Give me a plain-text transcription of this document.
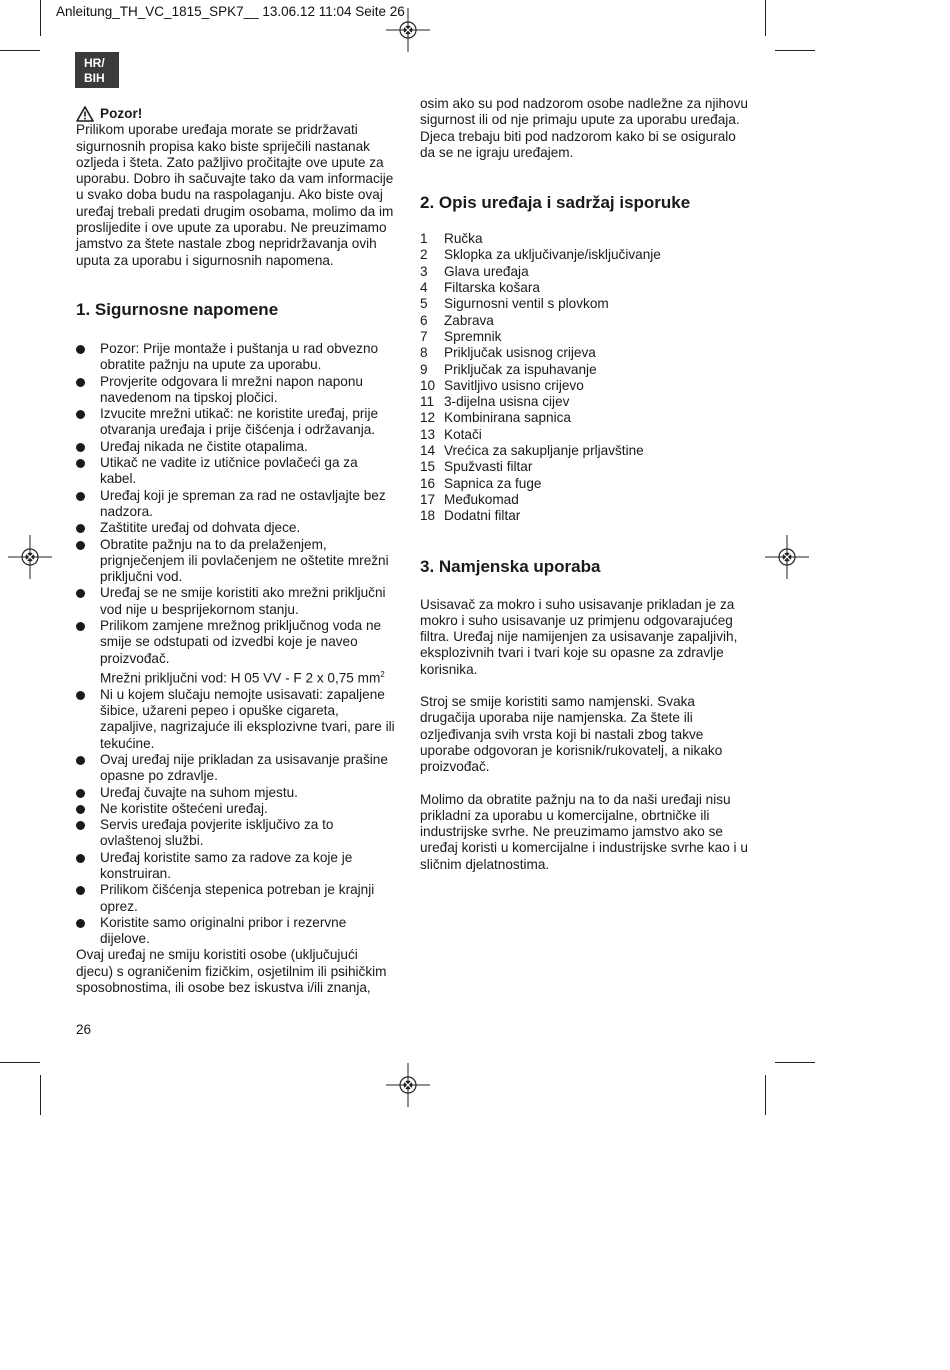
Anleitung_TH_VC_1815_SPK7__ 13.06.12 11:04 Seite 26
HR/
BIH
Pozor!

Prilikom uporabe uređaja morate se pridržavati sigurnosnih propisa kako biste spriječili nastanak ozljeda i šteta. Zato pažljivo pročitajte ove upute za uporabu. Dobro ih sačuvajte tako da vam informacije u svako doba budu na raspolaganju. Ako biste ovaj uređaj trebali predati drugim osobama, molimo da im proslijedite i ove upute za uporabu. Ne preuzimamo jamstvo za štete nastale zbog nepridržavanja ovih uputa za uporabu i sigurnosnih napomena.

1. Sigurnosne napomene
Pozor: Prije montaže i puštanja u rad obvezno obratite pažnju na upute za uporabu.
Provjerite odgovara li mrežni napon naponu navedenom na tipskoj pločici.
Izvucite mrežni utikač: ne koristite uređaj, prije otvaranja uređaja i prije čišćenja i održavanja.
Uređaj nikada ne čistite otapalima.
Utikač ne vadite iz utičnice povlačeći ga za kabel.
Uređaj koji je spreman za rad ne ostavljajte bez nadzora.
Zaštitite uređaj od dohvata djece.
Obratite pažnju na to da prelaženjem, prignječenjem ili povlačenjem ne oštetite mrežni priključni vod.
Uređaj se ne smije koristiti ako mrežni priključni vod nije u besprijekornom stanju.
Prilikom zamjene mrežnog priključnog voda ne smije se odstupati od izvedbi koje je naveo proizvođač.
Mrežni priključni vod: H 05 VV - F 2 x 0,75 $mm^2$
Ni u kojem slučaju nemojte usisavati: zapaljene šibice, užareni pepeo i opuške cigareta, zapaljive, nagrizajuće ili eksplozivne tvari, pare ili tekućine.
Ovaj uređaj nije prikladan za usisavanje prašine opasne po zdravlje.
Uređaj čuvajte na suhom mjestu.
Ne koristite oštećeni uređaj.
Servis uređaja povjerite isključivo za to ovlaštenoj službi.
Uređaj koristite samo za radove za koje je konstruiran.
Prilikom čišćenja stepenica potreban je krajnji oprez.
Koristite samo originalni pribor i rezervne dijelove.

Ovaj uređaj ne smiju koristiti osobe (uključujući djecu) s ograničenim fizičkim, osjetilnim ili psihičkim sposobnostima, ili osobe bez iskustva i/ili znanja,

osim ako su pod nadzorom osobe nadležne za njihovu sigurnost ili od nje primaju upute za uporabu uređaja. Djeca trebaju biti pod nadzorom kako bi se osiguralo da se ne igraju uređajem.

2. Opis uređaja i sadržaj isporuke
1	Ručka
2	Sklopka za uključivanje/isključivanje
3	Glava uređaja
4	Filtarska košara
5	Sigurnosni ventil s plovkom
6	Zabrava
7	Spremnik
8	Priključak usisnog crijeva
9	Priključak za ispuhavanje
10 Savitljivo usisno crijevo
11 3-dijelna usisna cijev
12 Kombinirana sapnica
13 Kotači
14 Vrećica za sakupljanje prljavštine
15 Spužvasti filtar
16 Sapnica za fuge
17 Međukomad
18 Dodatni filtar
3. Namjenska uporaba

Usisavač za mokro i suho usisavanje prikladan je za mokro i suho usisavanje uz primjenu odgovarajućeg filtra. Uređaj nije namijenjen za usisavanje zapaljivih, eksplozivnih tvari i tvari koje su opasne za zdravlje korisnika.

Stroj se smije koristiti samo namjenski. Svaka drugačija uporaba nije namjenska. Za štete ili ozljeđivanja svih vrsta koji bi nastali zbog takve uporabe odgovoran je korisnik/rukovatelj, a nikako proizvođač.

Molimo da obratite pažnju na to da naši uređaji nisu prikladni za uporabu u komercijalne, obrtničke ili industrijske svrhe. Ne preuzimamo jamstvo ako se uređaj koristi u komercijalne i industrijske svrhe kao i u sličnim djelatnostima.

26
